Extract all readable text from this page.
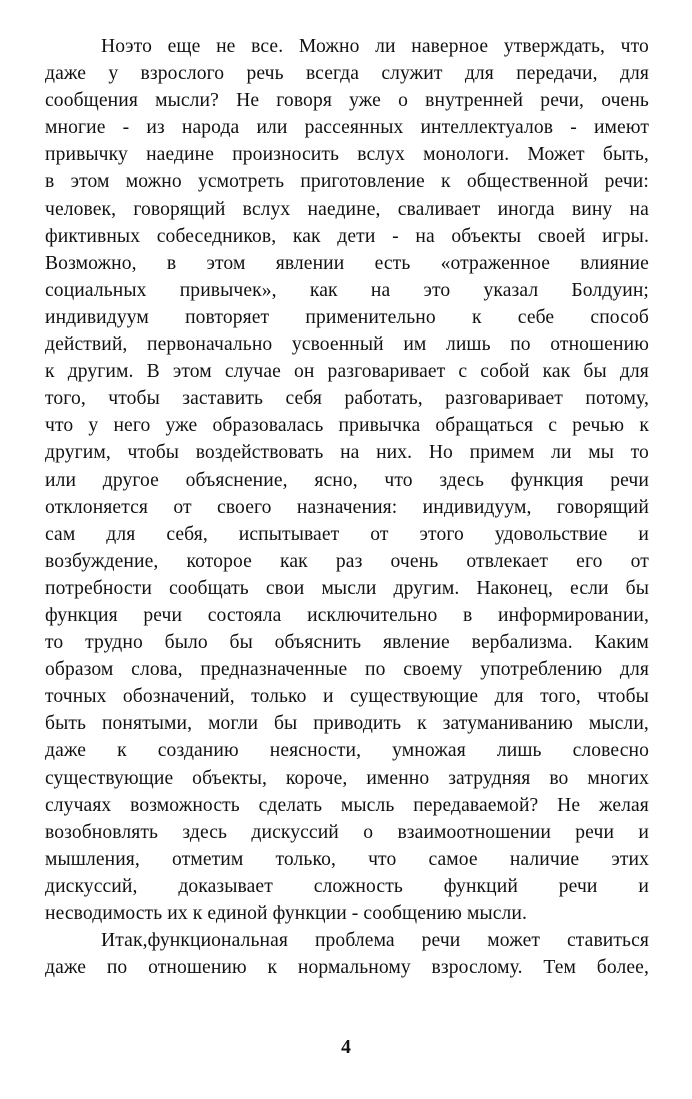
Но это еще не все. Можно ли наверное утверждать, что
даже у взрослого речь всегда служит для передачи, для
сообщения мысли? Не говоря уже о внутренней речи, очень
многие - из народа или рассеянных интеллектуалов - имеют
привычку наедине произносить вслух монологи. Может быть,
в этом можно усмотреть приготовление к общественной речи:
человек, говорящий вслух наедине, сваливает иногда вину на
фиктивных собеседников, как дети - на объекты своей игры.
Возможно, в этом явлении есть «отраженное влияние
социальных привычек», как на это указал Болдуин;
индивидуум повторяет применительно к себе способ
действий, первоначально усвоенный им лишь по отношению
к другим. В этом случае он разговаривает с собой как бы для
того, чтобы заставить себя работать, разговаривает потому,
что у него уже образовалась привычка обращаться с речью к
другим, чтобы воздействовать на них. Но примем ли мы то
или другое объяснение, ясно, что здесь функция речи
отклоняется от своего назначения: индивидуум, говорящий
сам для себя, испытывает от этого удовольствие и
возбуждение, которое как раз очень отвлекает его от
потребности сообщать свои мысли другим. Наконец, если бы
функция речи состояла исключительно в информировании,
то трудно было бы объяснить явление вербализма. Каким
образом слова, предназначенные по своему употреблению для
точных обозначений, только и существующие для того, чтобы
быть понятыми, могли бы приводить к затуманиванию мысли,
даже к созданию неясности, умножая лишь словесно
существующие объекты, короче, именно затрудняя во многих
случаях возможность сделать мысль передаваемой? Не желая
возобновлять здесь дискуссий о взаимоотношении речи и
мышления, отметим только, что самое наличие этих
дискуссий, доказывает сложность функций речи и
несводимость их к единой функции - сообщению мысли.
Итак, функциональная проблема речи может ставиться
даже по отношению к нормальному взрослому. Тем более,
4
